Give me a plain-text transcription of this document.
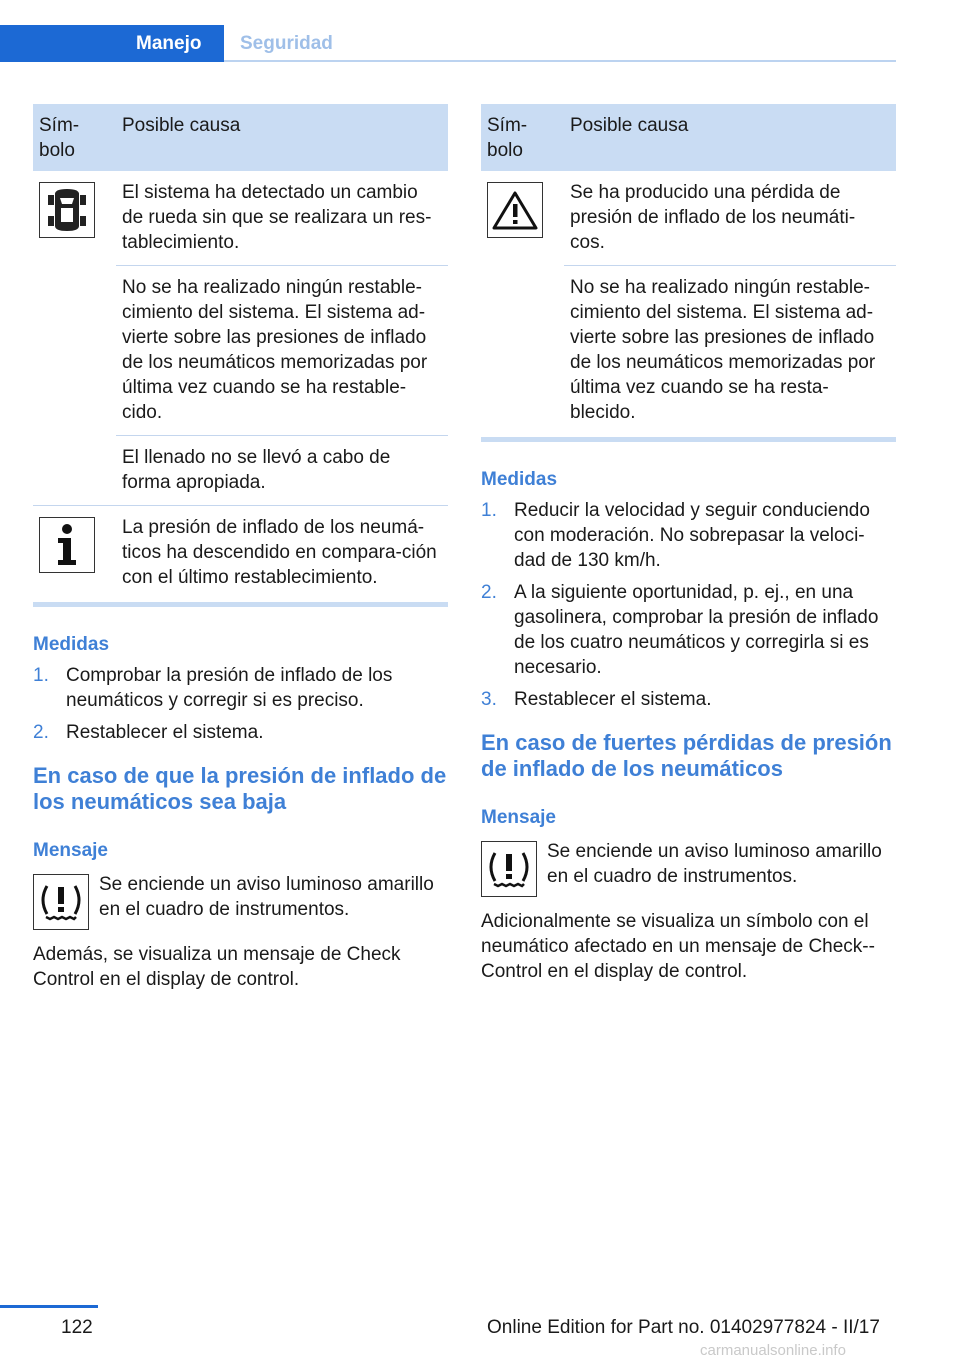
Manejo	Seguridad
Sím-
bolo	Posible causa

	El sistema ha detectado un cambio de rueda sin que se realizara un res-tablecimiento.
	No se ha realizado ningún restable-cimiento del sistema. El sistema ad-vierte sobre las presiones de inflado de los neumáticos memorizadas por última vez cuando se ha restable-cido.
	El llenado no se llevó a cabo de forma apropiada.

	La presión de inflado de los neumá-ticos ha descendido en compara-ción con el último restablecimiento.
Medidas
1. Comprobar la presión de inflado de los neumáticos y corregir si es preciso.
2. Restablecer el sistema.
En caso de que la presión de inflado de los neumáticos sea baja
Mensaje
Se enciende un aviso luminoso amarillo en el cuadro de instrumentos.

Además, se visualiza un mensaje de Check Control en el display de control.

Sím-
bolo	Posible causa

	Se ha producido una pérdida de presión de inflado de los neumáti-cos.
	No se ha realizado ningún restable-cimiento del sistema. El sistema ad-vierte sobre las presiones de inflado de los neumáticos memorizadas por última vez cuando se ha resta-blecido.
Medidas
1. Reducir la velocidad y seguir conduciendo con moderación. No sobrepasar la veloci-dad de 130 km/h.
2. A la siguiente oportunidad, p. ej., en una gasolinera, comprobar la presión de inflado de los cuatro neumáticos y corregirla si es necesario.
3. Restablecer el sistema.
En caso de fuertes pérdidas de presión de inflado de los neumáticos
Mensaje
Se enciende un aviso luminoso amarillo en el cuadro de instrumentos.

Adicionalmente se visualiza un símbolo con el neumático afectado en un mensaje de Check--Control en el display de control.

122	Online Edition for Part no. 01402977824 - II/17
carmanualsonline.info
